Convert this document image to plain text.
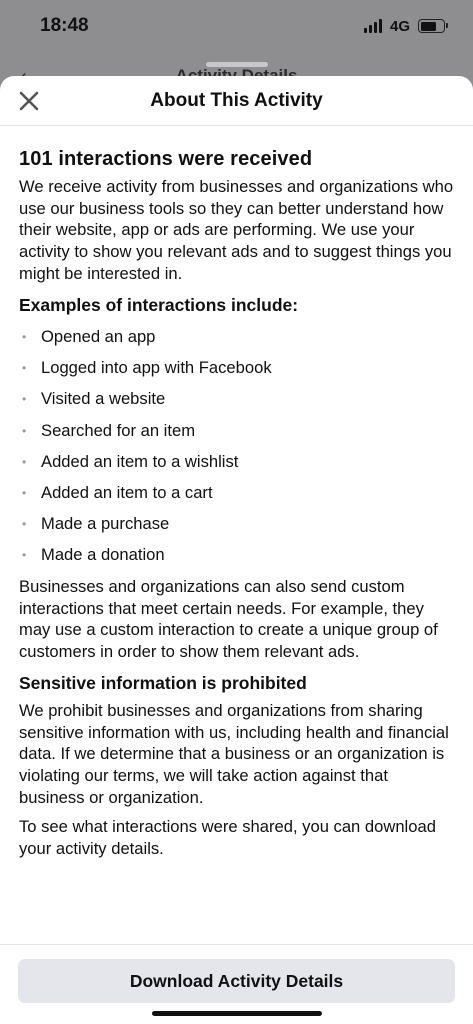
18:48	4G
About This Activity
101 interactions were received

We receive activity from businesses and organizations who use our business tools so they can better understand how their website, app or ads are performing. We use your activity to show you relevant ads and to suggest things you might be interested in.

Examples of interactions include:
• Opened an app
• Logged into app with Facebook
• Visited a website
• Searched for an item
• Added an item to a wishlist
• Added an item to a cart
• Made a purchase
• Made a donation

Businesses and organizations can also send custom interactions that meet certain needs. For example, they may use a custom interaction to create a unique group of customers in order to show them relevant ads.

Sensitive information is prohibited

We prohibit businesses and organizations from sharing sensitive information with us, including health and financial data. If we determine that a business or an organization is violating our terms, we will take action against that business or organization.

To see what interactions were shared, you can download your activity details.

Download Activity Details
